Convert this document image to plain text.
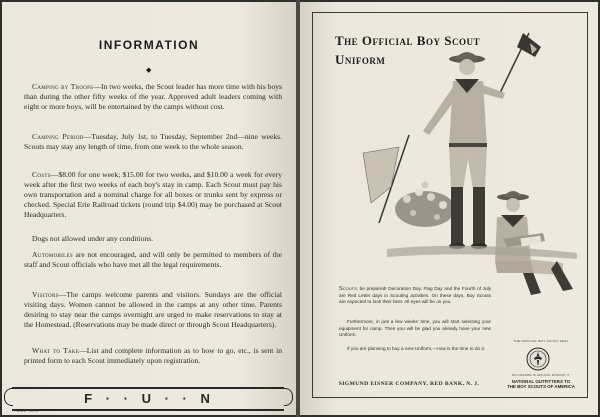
INFORMATION
◆

Camping by Troops—In two weeks, the Scout leader has more time with his boys than during the other fifty weeks of the year. Approved adult leaders coming with eight or more boys, will be entertained by the camps without cost.

Camping Period—Tuesday, July 1st, to Tuesday, September 2nd—nine weeks. Scouts may stay any length of time, from one week to the whole season.

Costs—$8.00 for one week; $15.00 for two weeks, and $10.00 a week for every week after the first two weeks of each boy's stay in camp. Each Scout must pay his own transportation and a nominal charge for all boxes or trunks sent by express or checked. Special Erie Railroad tickets (round trip $4.00) may be purchased at Scout Headquarters.

Dogs not allowed under any conditions.

Automobiles are not encouraged, and will only be permitted to members of the staff and Scout officials who have met all the legal requirements.

Visitors—The camps welcome parents and visitors. Sundays are the official visiting days. Women cannot be allowed in the camps at any other time. Parents desiring to stay near the camps overnight are urged to make reservations to stay at the Homestead. (Reservations may be made direct or through Scout Headquarters).

What to Take—List and complete information as to how to go, etc., is sent in printed form to each Scout immediately upon registration.

F · · U · · N
PAGE TEN
The Official Boy Scout
Uniform

Scouts, be prepared! Decoration Day, Flag Day and the Fourth of July are Red Letter days in Scouting activities. On these days, Boy Scouts are expected to look their best. All eyes will be on you.

Furthermore, in just a few weeks' time, you will start selecting your equipment for camp. Then you will be glad you already have your new Uniform.

If you are planning to buy a new Uniform,—now is the time to do it.

THE OFFICIAL BOY SCOUT SEAL
NO UNIFORM IS OFFICIAL WITHOUT IT
NATIONAL OUTFITTERS TO
THE BOY SCOUTS OF AMERICA
SIGMUND EISNER COMPANY, RED BANK, N. J.
